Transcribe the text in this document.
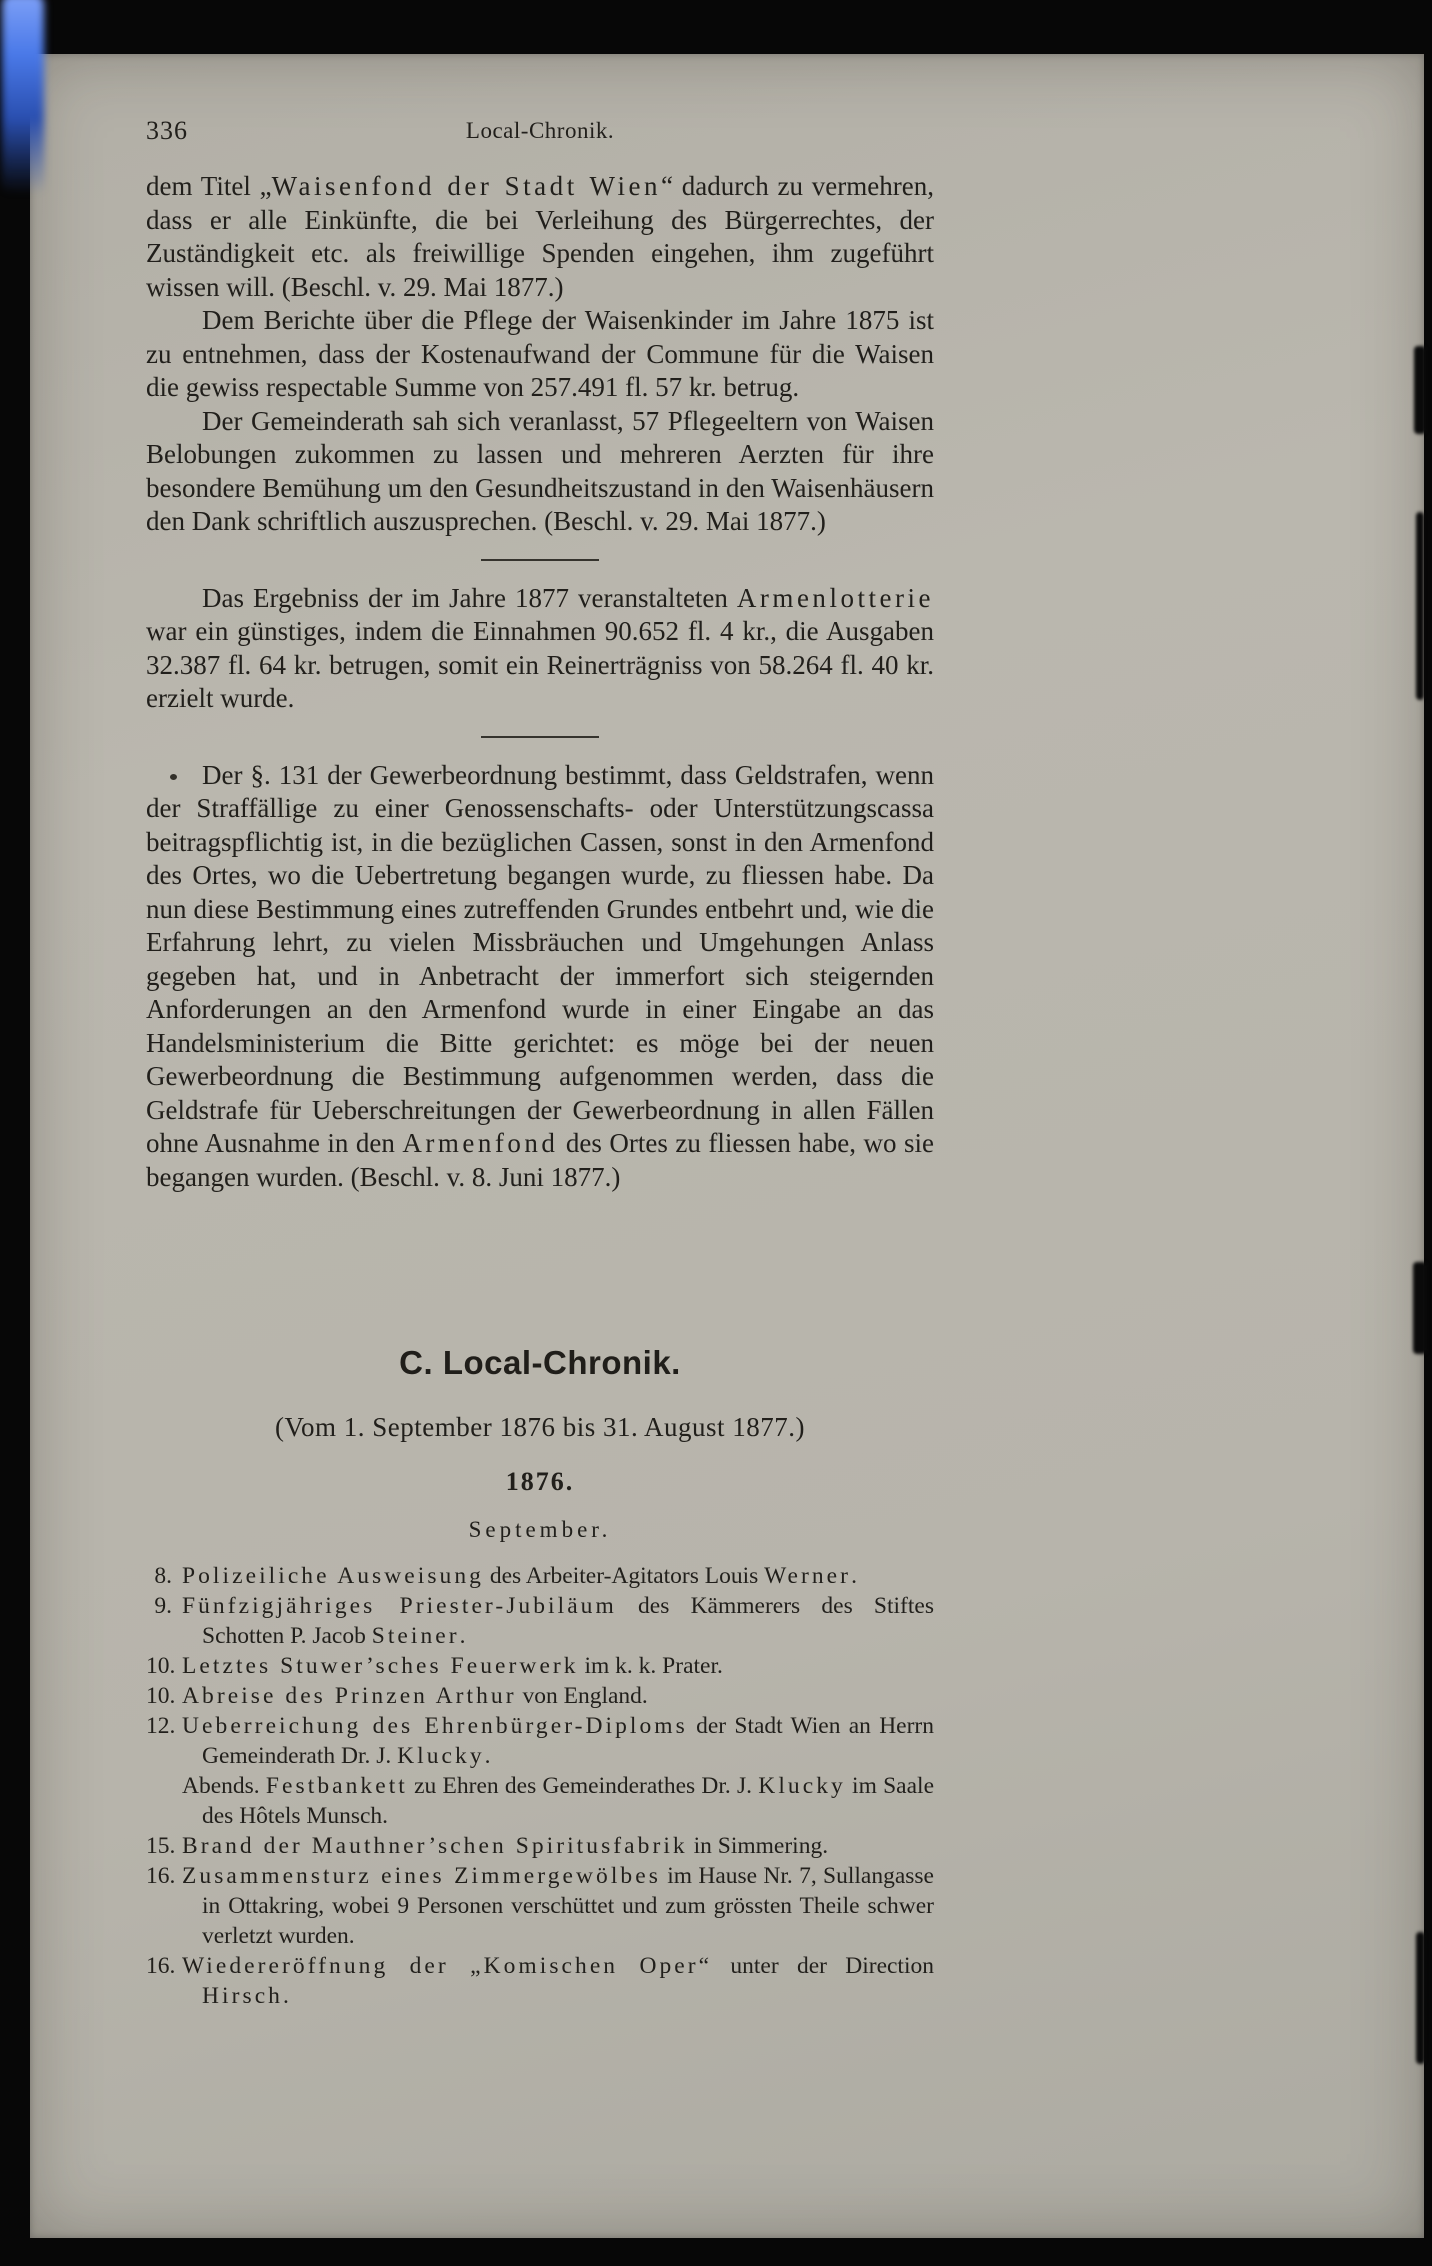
336	Local-Chronik.

dem Titel „Waisenfond der Stadt Wien“ dadurch zu vermehren, dass er alle Einkünfte, die bei Verleihung des Bürgerrechtes, der Zuständigkeit etc. als freiwillige Spenden eingehen, ihm zugeführt wissen will. (Beschl. v. 29. Mai 1877.)

Dem Berichte über die Pflege der Waisenkinder im Jahre 1875 ist zu entnehmen, dass der Kostenaufwand der Commune für die Waisen die gewiss respectable Summe von 257.491 fl. 57 kr. betrug.

Der Gemeinderath sah sich veranlasst, 57 Pflegeeltern von Waisen Belobungen zukommen zu lassen und mehreren Aerzten für ihre besondere Bemühung um den Gesundheitszustand in den Waisenhäusern den Dank schriftlich auszusprechen. (Beschl. v. 29. Mai 1877.)

Das Ergebniss der im Jahre 1877 veranstalteten Armenlotterie war ein günstiges, indem die Einnahmen 90.652 fl. 4 kr., die Ausgaben 32.387 fl. 64 kr. betrugen, somit ein Reinerträgniss von 58.264 fl. 40 kr. erzielt wurde.

Der §. 131 der Gewerbeordnung bestimmt, dass Geldstrafen, wenn der Straffällige zu einer Genossenschafts- oder Unterstützungscassa beitragspflichtig ist, in die bezüglichen Cassen, sonst in den Armenfond des Ortes, wo die Uebertretung begangen wurde, zu fliessen habe. Da nun diese Bestimmung eines zutreffenden Grundes entbehrt und, wie die Erfahrung lehrt, zu vielen Missbräuchen und Umgehungen Anlass gegeben hat, und in Anbetracht der immerfort sich steigernden Anforderungen an den Armenfond wurde in einer Eingabe an das Handelsministerium die Bitte gerichtet: es möge bei der neuen Gewerbeordnung die Bestimmung aufgenommen werden, dass die Geldstrafe für Ueberschreitungen der Gewerbeordnung in allen Fällen ohne Ausnahme in den Armenfond des Ortes zu fliessen habe, wo sie begangen wurden. (Beschl. v. 8. Juni 1877.)

C. Local-Chronik.

(Vom 1. September 1876 bis 31. August 1877.)

1876.

September.

8. Polizeiliche Ausweisung des Arbeiter-Agitators Louis Werner.

9. Fünfzigjähriges Priester-Jubiläum des Kämmerers des Stiftes Schotten P. Jacob Steiner.

10. Letztes Stuwer’sches Feuerwerk im k. k. Prater.

10. Abreise des Prinzen Arthur von England.

12. Ueberreichung des Ehrenbürger-Diploms der Stadt Wien an Herrn Gemeinderath Dr. J. Klucky.

Abends. Festbankett zu Ehren des Gemeinderathes Dr. J. Klucky im Saale des Hôtels Munsch.

15. Brand der Mauthner’schen Spiritusfabrik in Simmering.

16. Zusammensturz eines Zimmergewölbes im Hause Nr. 7, Sullangasse in Ottakring, wobei 9 Personen verschüttet und zum grössten Theile schwer verletzt wurden.

16. Wiedereröffnung der „Komischen Oper“ unter der Direction Hirsch.
